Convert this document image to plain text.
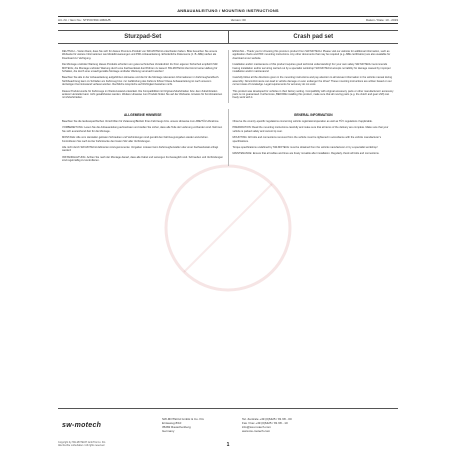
ANBAUANLEITUNG / MOUNTING INSTRUCTIONS
Art.-Nr. / Item No.: STP.00.590.10601/B	Version: 00	Datum / Date: 10 - 2019
Sturzpad-Set	Crash pad set

DEUTSCH – Vielen Dank, dass Sie sich für dieses Premium-Produkt von SW-MOTECH entschieden haben. Bitte besuchen Sie unsere Webseite für weitere Informationen wie Modellzuweisungen und PDF-Anbauanleitung. Erforderliche Dokumente (z. B. ABE) stehen als Download zur Verfügung.

Die Montage und/oder Wartung dieses Produkts erfordern ein gutes technisches Verständnis! Zu Ihrer eigenen Sicherheit empfiehlt SW-MOTECH, die Montage und/oder Wartung durch eine Fachwerkstatt durchführen zu lassen! SW-MOTECH übernimmt keine Haftung für Schäden, die durch eine unsachgemäße Montage und/oder Wartung verursacht werden!

Beachten Sie alle in der Anbauanleitung aufgeführten Hinweise und die für die Montage relevanten Informationen im Fahrzeughandbuch. Nichtbeachtung kann zu Schäden am Fahrzeug bzw. zur Gefährdung des Fahrers führen! Diese Anbauanleitung ist nach unserem derzeitigen Kenntnisstand verfasst worden. Rechtliche Ansprüche auf Richtigkeit bestehen nicht.

Dieses Produkt wurde für Fahrzeuge im Werkszustand entwickelt. Die Kompatibilität mit Original-Zubehörteilen bzw. dem Zubehörteilen anderer Hersteller kann nicht gewährleistet werden. Weitere Hinweise zum Produkt finden Sie auf der Webseite. Hinweis für Kombinationen mit Zubehörteilen.

ENGLISH – Thank you for choosing this premium product from SW-MOTECH. Please visit our website for additional information, such as application charts and PDF mounting instructions. Any other documents that may be required (e.g. ABE certification) are also available for download at our website.

Installation and/or maintenance of this product requires good technical understanding! For your own safety SW-MOTECH recommends having installation and/or servicing carried out by a specialist workshop! SW-MOTECH accepts no liability for damage caused by improper installation and/or maintenance!

Carefully follow all the directions given in the mounting instructions and pay attention to all relevant information in the vehicle manual during assembly. Nonconformance can lead to vehicle damage or even endanger the driver! These mounting instructions are written based on our current state of knowledge. Legal requirements for accuracy do not exist.

This product was developed for vehicles in their factory setting. Compatibility with original accessory parts or other manufacturers’ accessory parts is not guaranteed. Furthermore, BEFORE installing this product, make sure that all moving parts (e.g. the clutch and gear shift) can freely work with it.

ALLGEMEINE HINWEISE

Beachten Sie die landesspezifischen Vorschriften für Zulassung/Betrieb Ihres Fahrzeugs bzw. unsere Hinweise zum ABE/TÜV-Abnahme.

VORBEREITUNG: Lesen Sie die Anbauanleitung aufmerksam und stellen Sie sicher, dass alle Teile der Lieferung vorhanden sind. Nehmen Sie sich ausreichend Zeit für die Montage.

MONTAGE: Alle vom Hersteller gelösten Schrauben und Verbindungen sind gemäß den Fahrzeugvorgaben wieder anzuziehen. Kontrollieren Sie nach kurzer Fahrstrecke den festen Sitz aller Verbindungen.

Alle nicht durch SW-MOTECH definierten Anzugsmomente: Vorgaben müssen beim Fahrzeughersteller oder einer Fachwerkstatt erfragt werden!

INSTANDHALTUNG: Achten Sie nach der Montage darauf, dass alle Kabel und Leitungen frei beweglich sind. Schrauben und Verbindungen sind regelmäßig zu kontrollieren.

GENERAL INFORMATION

Observe the country-specific regulations concerning vehicle registration/operation as well as TÜV regulations if applicable.

PREPARATION: Read the mounting instructions carefully and make sure that all items of the delivery are complete. Make sure that your vehicle is parked safely and cannot tip over.

MOUNTING: All bolts and connections removed from the vehicle must be tightened in accordance with the vehicle manufacturer’s specifications.

Torque specifications undefined by SW-MOTECH must be obtained from the vehicle manufacturer or by a specialist workshop!

MAINTENANCE: Ensure that all cables and lines are freely movable after installation. Regularly check all bolts and connections.

sw-motech
SW-MOTECH GmbH & Co. KG
Ernteweg 8/10
35282 Rauschenberg
Germany
Tel. Zentrale +49 (0)6425 / 81 68 - 00
Fax / Fax +49 (0)6425 / 81 68 - 10
info@sw-motech.com
www.sw-motech.com
Copyright by SW-MOTECH GmbH & Co. KG
Alle Rechte vorbehalten / All rights reserved	1
